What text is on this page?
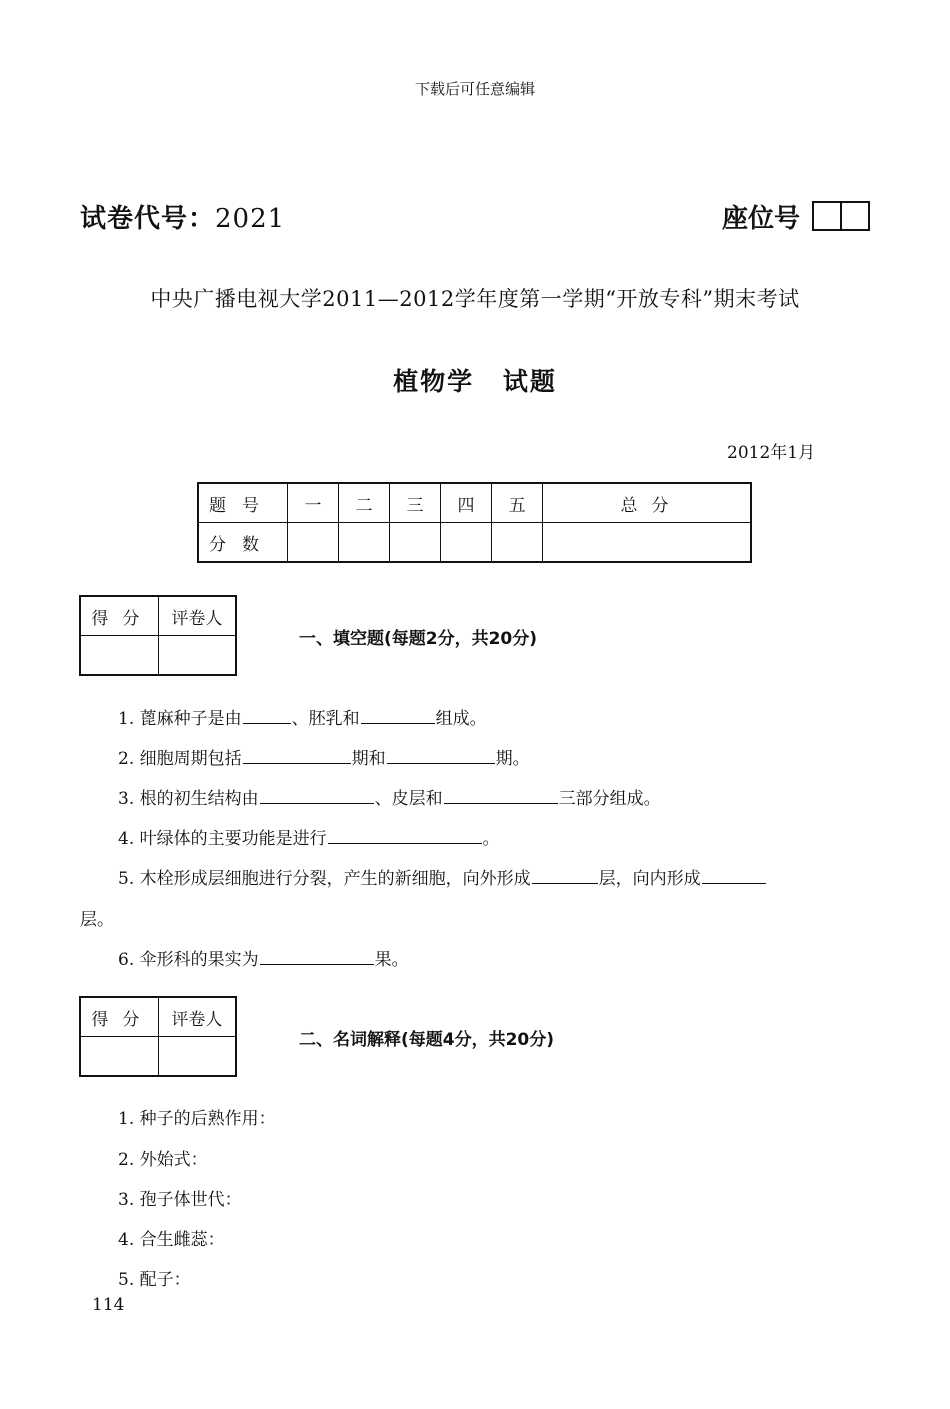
下载后可任意编辑
试卷代号：2021	座位号
中央广播电视大学2011—2012学年度第一学期“开放专科”期末考试
植物学 试题
2012年1月
题号	一	二	三	四	五	总分
分数						
得分	评卷人

一、填空题(每题2分，共20分)
1. 蓖麻种子是由	、胚乳和	组成。
2. 细胞周期包括	期和	期。
3. 根的初生结构由	、皮层和	三部分组成。
4. 叶绿体的主要功能是进行	。
5. 木栓形成层细胞进行分裂，产生的新细胞，向外形成	层，向内形成
层。
6. 伞形科的果实为	果。
得分	评卷人

二、名词解释(每题4分，共20分)
1. 种子的后熟作用：
2. 外始式：
3. 孢子体世代：
4. 合生雌蕊：
5. 配子：
114
